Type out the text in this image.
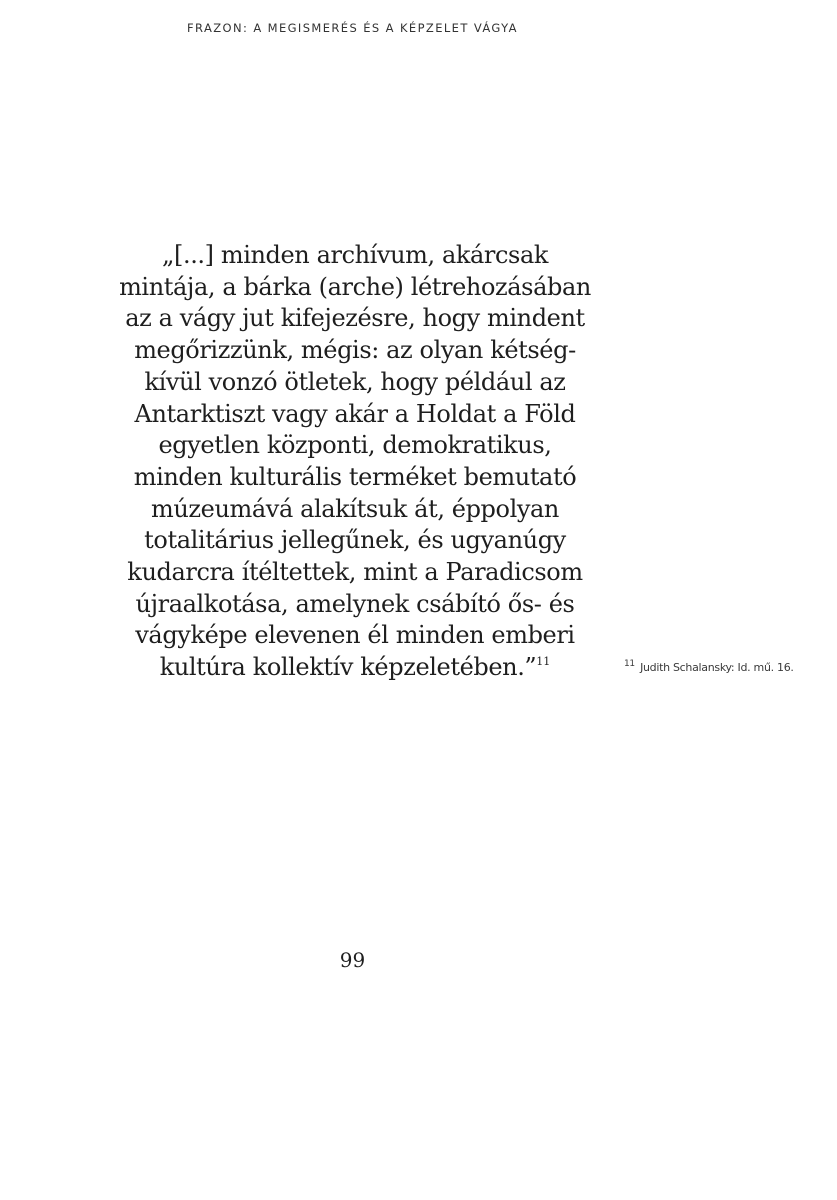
FRAZON: A MEGISMERÉS ÉS A KÉPZELET VÁGYA
„[...] minden archívum, akárcsak
mintája, a bárka (arche) létrehozásában
az a vágy jut kifejezésre, hogy mindent
megőrizzünk, mégis: az olyan kétség-
kívül vonzó ötletek, hogy például az
Antarktiszt vagy akár a Holdat a Föld
egyetlen központi, demokratikus,
minden kulturális terméket bemutató
múzeumává alakítsuk át, éppolyan
totalitárius jellegűnek, és ugyanúgy
kudarcra ítéltettek, mint a Paradicsom
újraalkotása, amelynek csábító ős- és
vágyképe elevenen él minden emberi
kultúra kollektív képzeletében.”$^{11}$	$^{11}$ Judith Schalansky: Id. mű. 16.
99
